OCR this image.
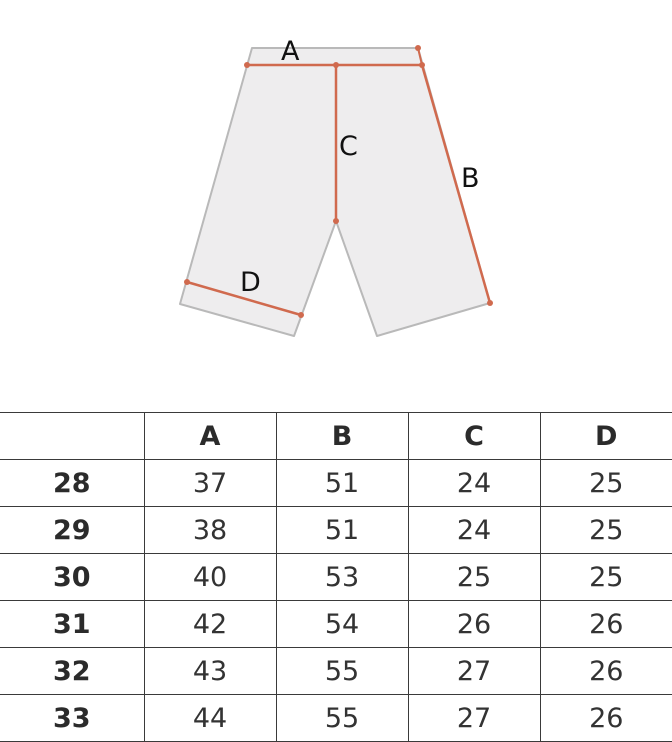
A
B
C
D
	A	B	C	D
28	37	51	24	25
29	38	51	24	25
30	40	53	25	25
31	42	54	26	26
32	43	55	27	26
33	44	55	27	26
